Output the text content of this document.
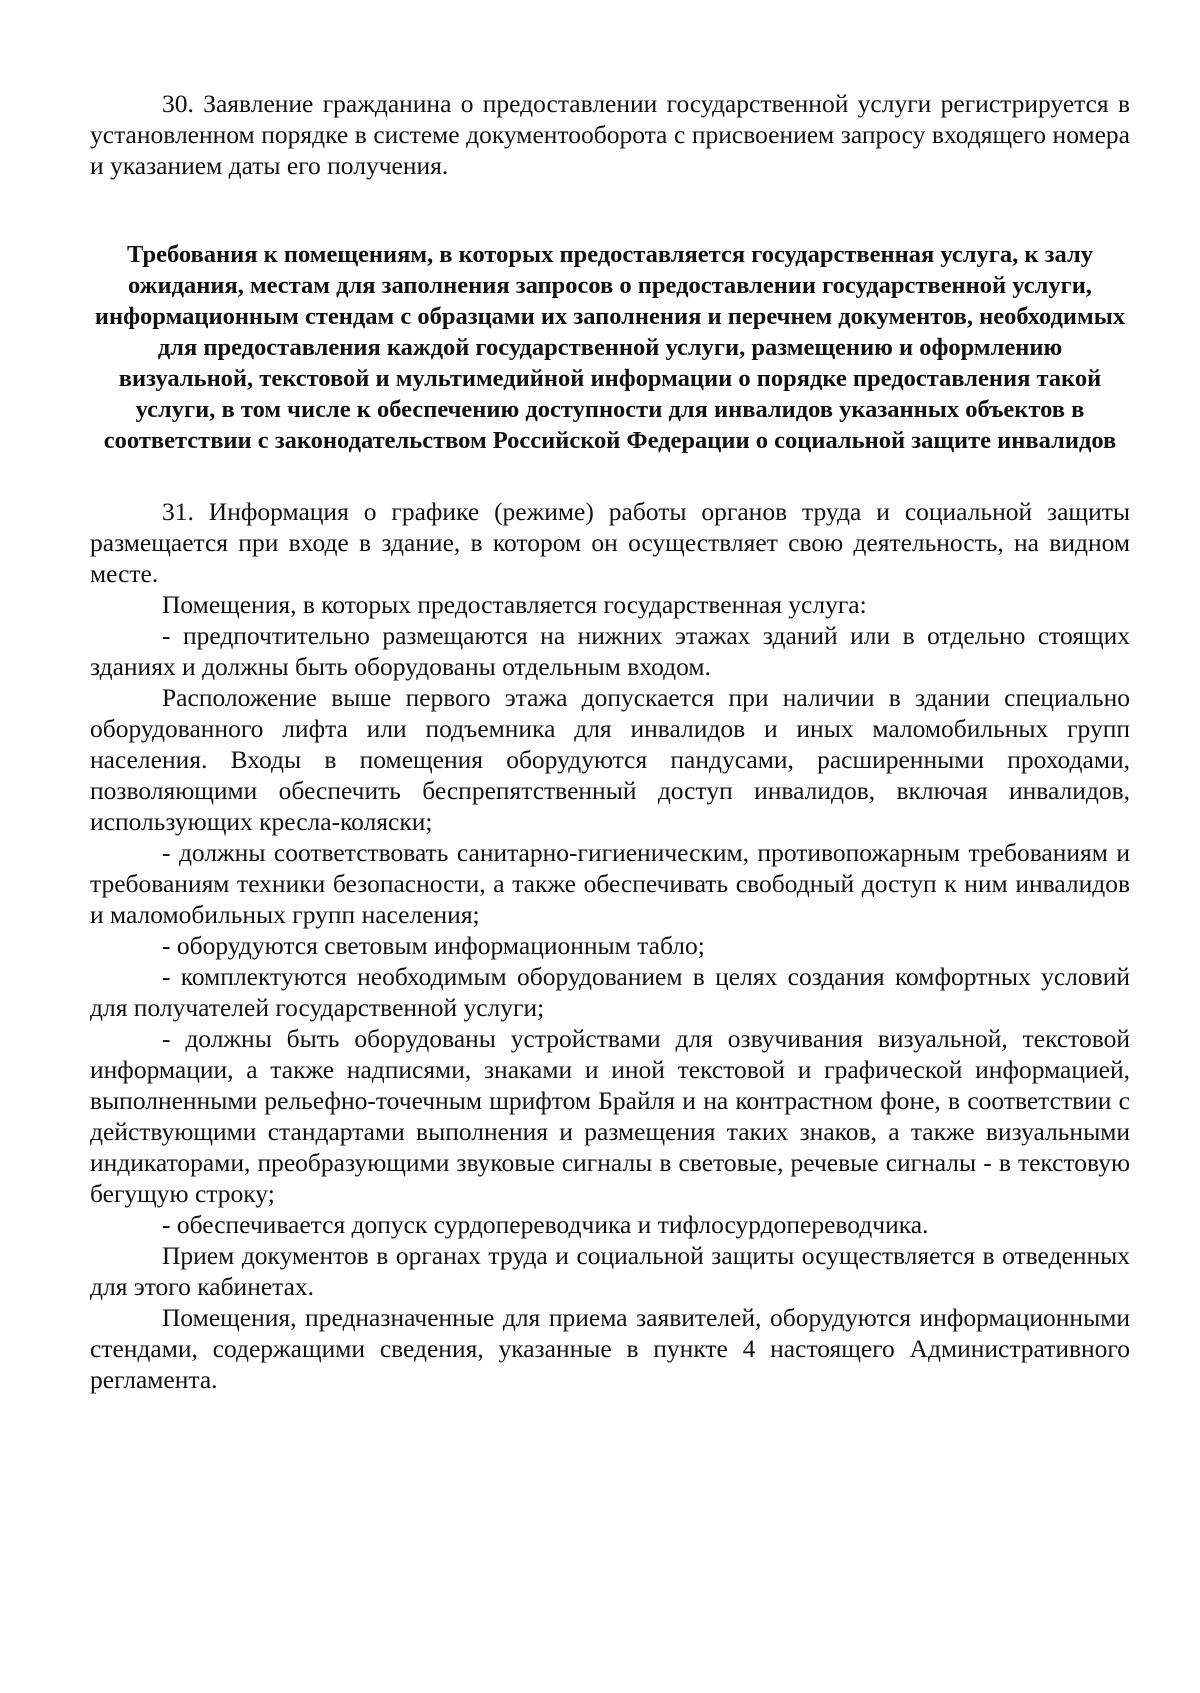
30. Заявление гражданина о предоставлении государственной услуги регистрируется в установленном порядке в системе документооборота с присвоением запросу входящего номера и указанием даты его получения.

Требования к помещениям, в которых предоставляется государственная услуга, к залу ожидания, местам для заполнения запросов о предоставлении государственной услуги, информационным стендам с образцами их заполнения и перечнем документов, необходимых для предоставления каждой государственной услуги, размещению и оформлению визуальной, текстовой и мультимедийной информации о порядке предоставления такой услуги, в том числе к обеспечению доступности для инвалидов указанных объектов в соответствии с законодательством Российской Федерации о социальной защите инвалидов

31. Информация о графике (режиме) работы органов труда и социальной защиты размещается при входе в здание, в котором он осуществляет свою деятельность, на видном месте.

Помещения, в которых предоставляется государственная услуга:

- предпочтительно размещаются на нижних этажах зданий или в отдельно стоящих зданиях и должны быть оборудованы отдельным входом.

Расположение выше первого этажа допускается при наличии в здании специально оборудованного лифта или подъемника для инвалидов и иных маломобильных групп населения. Входы в помещения оборудуются пандусами, расширенными проходами, позволяющими обеспечить беспрепятственный доступ инвалидов, включая инвалидов, использующих кресла-коляски;

- должны соответствовать санитарно-гигиеническим, противопожарным требованиям и требованиям техники безопасности, а также обеспечивать свободный доступ к ним инвалидов и маломобильных групп населения;

- оборудуются световым информационным табло;

- комплектуются необходимым оборудованием в целях создания комфортных условий для получателей государственной услуги;

- должны быть оборудованы устройствами для озвучивания визуальной, текстовой информации, а также надписями, знаками и иной текстовой и графической информацией, выполненными рельефно-точечным шрифтом Брайля и на контрастном фоне, в соответствии с действующими стандартами выполнения и размещения таких знаков, а также визуальными индикаторами, преобразующими звуковые сигналы в световые, речевые сигналы - в текстовую бегущую строку;

- обеспечивается допуск сурдопереводчика и тифлосурдопереводчика.

Прием документов в органах труда и социальной защиты осуществляется в отведенных для этого кабинетах.

Помещения, предназначенные для приема заявителей, оборудуются информационными стендами, содержащими сведения, указанные в пункте 4 настоящего Административного регламента.
